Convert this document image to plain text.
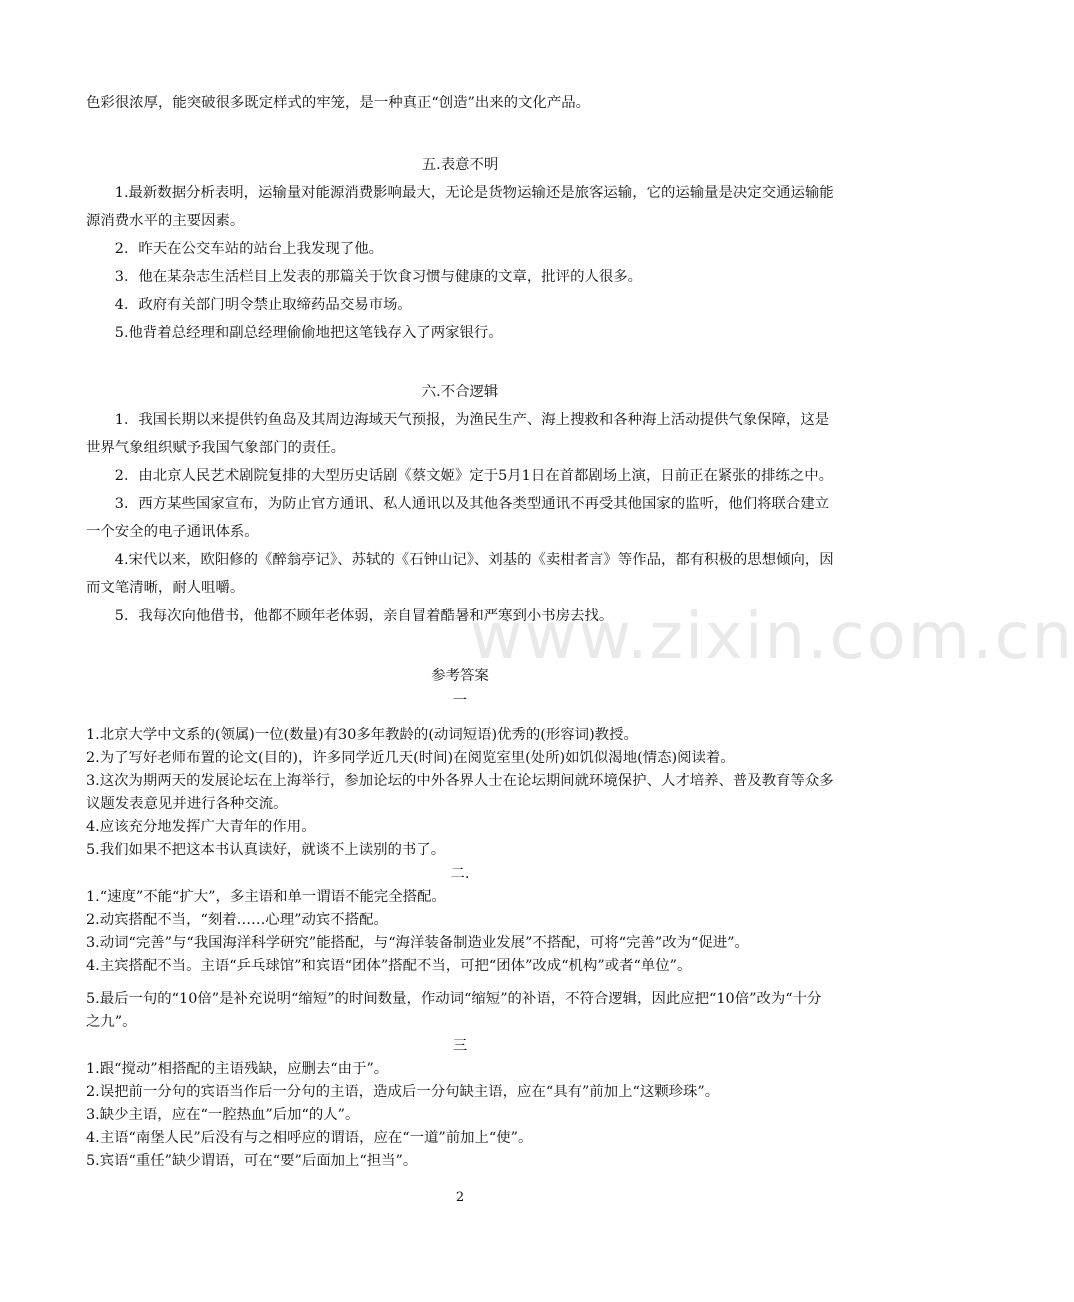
www.zixin.com.cn

色彩很浓厚，能突破很多既定样式的牢笼，是一种真正“创造”出来的文化产品。

五.表意不明

1.最新数据分析表明，运输量对能源消费影响最大，无论是货物运输还是旅客运输，它的运输量是决定交通运输能源消费水平的主要因素。

2．昨天在公交车站的站台上我发现了他。

3．他在某杂志生活栏目上发表的那篇关于饮食习惯与健康的文章，批评的人很多。

4．政府有关部门明令禁止取缔药品交易市场。

5.他背着总经理和副总经理偷偷地把这笔钱存入了两家银行。

六.不合逻辑

1．我国长期以来提供钓鱼岛及其周边海域天气预报，为渔民生产、海上搜救和各种海上活动提供气象保障，这是世界气象组织赋予我国气象部门的责任。

2．由北京人民艺术剧院复排的大型历史话剧《蔡文姬》定于5月1日在首都剧场上演，日前正在紧张的排练之中。

3．西方某些国家宣布，为防止官方通讯、私人通讯以及其他各类型通讯不再受其他国家的监听，他们将联合建立一个安全的电子通讯体系。

4.宋代以来，欧阳修的《醉翁亭记》、苏轼的《石钟山记》、刘基的《卖柑者言》等作品，都有积极的思想倾向，因而文笔清晰，耐人咀嚼。

5．我每次向他借书，他都不顾年老体弱，亲自冒着酷暑和严寒到小书房去找。

参考答案

一

1.北京大学中文系的(领属)一位(数量)有30多年教龄的(动词短语)优秀的(形容词)教授。

2.为了写好老师布置的论文(目的)，许多同学近几天(时间)在阅览室里(处所)如饥似渴地(情态)阅读着。

3.这次为期两天的发展论坛在上海举行，参加论坛的中外各界人士在论坛期间就环境保护、人才培养、普及教育等众多议题发表意见并进行各种交流。

4.应该充分地发挥广大青年的作用。

5.我们如果不把这本书认真读好，就谈不上读别的书了。

二.

1.“速度”不能“扩大”，多主语和单一谓语不能完全搭配。

2.动宾搭配不当，“刻着……心理”动宾不搭配。

3.动词“完善”与“我国海洋科学研究”能搭配，与“海洋装备制造业发展”不搭配，可将“完善”改为“促进”。

4.主宾搭配不当。主语“乒乓球馆”和宾语“团体”搭配不当，可把“团体”改成“机构”或者“单位”。

5.最后一句的“10倍”是补充说明“缩短”的时间数量，作动词“缩短”的补语，不符合逻辑，因此应把“10倍”改为“十分之九”。

三

1.跟“搅动”相搭配的主语残缺，应删去“由于”。

2.误把前一分句的宾语当作后一分句的主语，造成后一分句缺主语，应在“具有”前加上“这颗珍珠”。

3.缺少主语，应在“一腔热血”后加“的人”。

4.主语“南堡人民”后没有与之相呼应的谓语，应在“一道”前加上“使”。

5.宾语“重任”缺少谓语，可在“要”后面加上“担当”。

2
